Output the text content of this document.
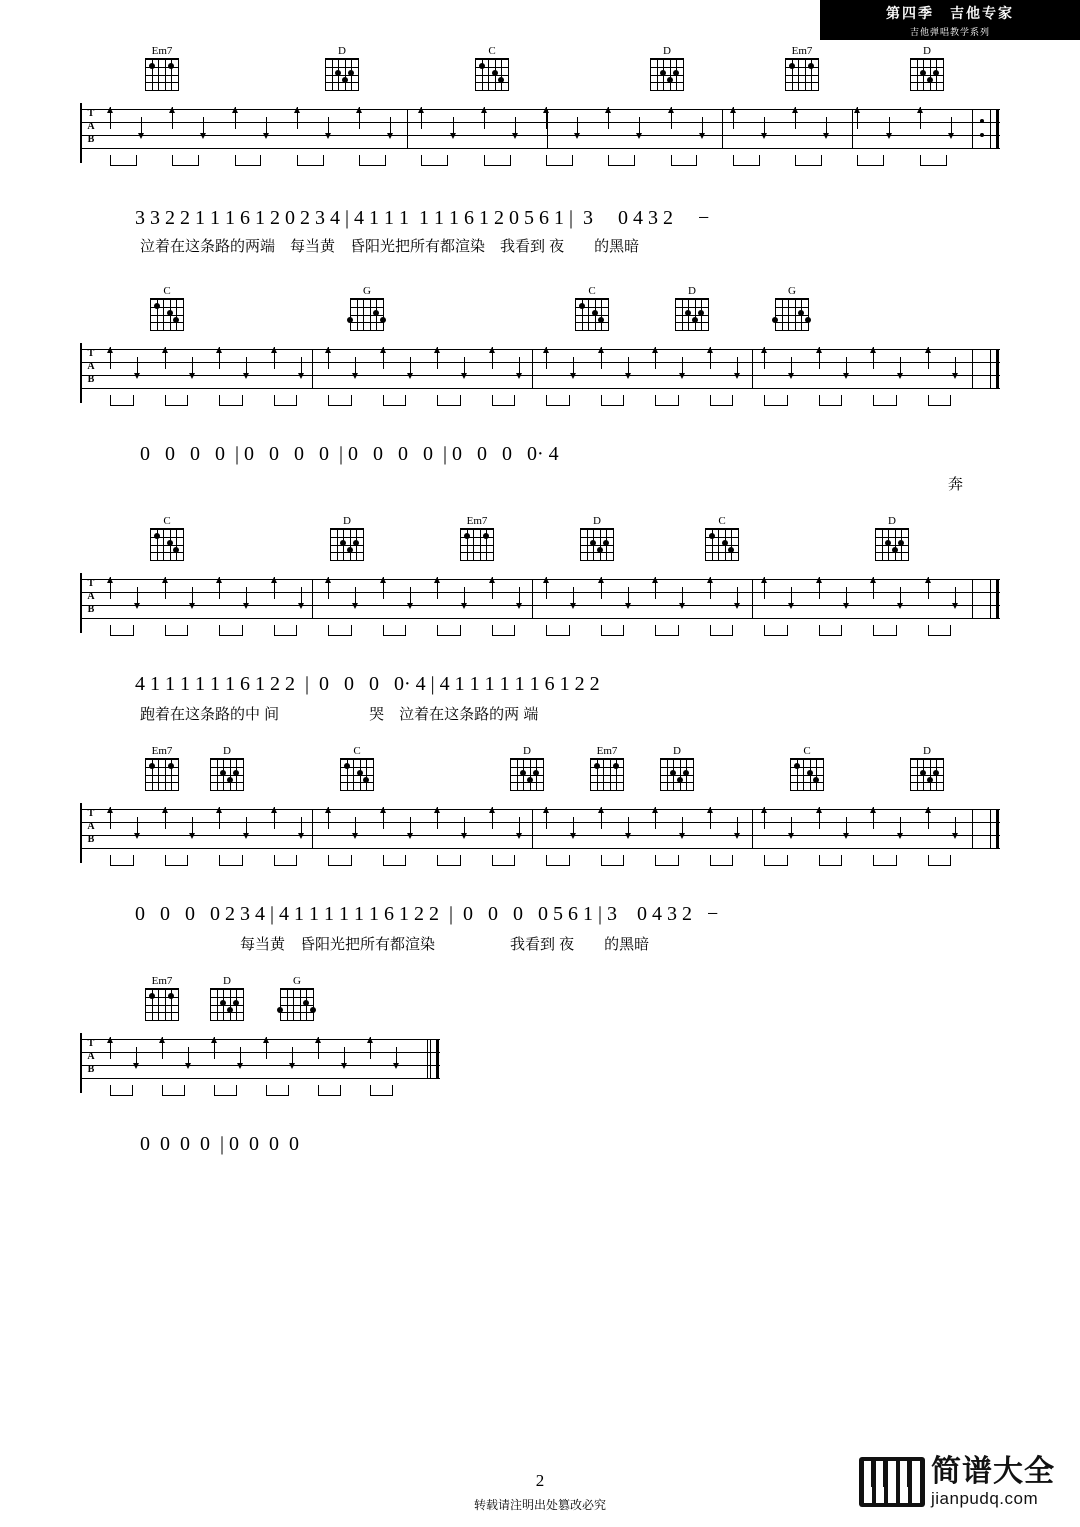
第四季　吉他专家
吉他弹唱教学系列
T
A
B
3 3 2 2 1 1 1 6 1 2 0 2 3 4 | 4 1 1 1  1 1 1 6 1 2 0 5 6 1 |  3     0 4 3 2     −
泣着在这条路的两端　每当黄　昏阳光把所有都渲染　我看到 夜　　的黑暗
Em7	D	C	D	Em7	D
T
A
B
0   0   0   0  | 0   0   0   0  | 0   0   0   0  | 0   0   0   0· 4
奔
C	G	C	D	G
T
A
B
4 1 1 1 1 1 1 6 1 2 2  |  0   0   0   0· 4 | 4 1 1 1 1 1 1 6 1 2 2
跑着在这条路的中 间　　　　　　哭　泣着在这条路的两 端
C	D	Em7	D	C	D
T
A
B
0   0   0   0 2 3 4 | 4 1 1 1 1 1 1 6 1 2 2  |  0   0   0   0 5 6 1 | 3    0 4 3 2   −
每当黄　昏阳光把所有都渲染　　　　　我看到 夜　　的黑暗
Em7	D	C	D	Em7	D	C	D
T
A
B
0  0  0  0  | 0  0  0  0
Em7	D	G
2
转载请注明出处篡改必究
简谱大全
jianpudq.com
